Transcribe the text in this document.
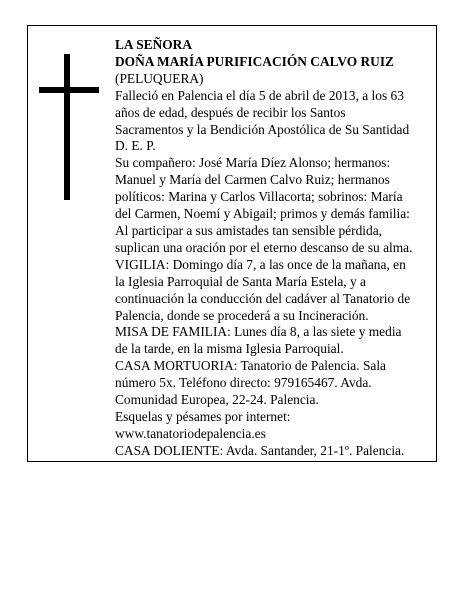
LA SEÑORA
DOÑA MARÍA PURIFICACIÓN CALVO RUIZ
(PELUQUERA)
Falleció en Palencia el día 5 de abril de 2013, a los 63
años de edad, después de recibir los Santos
Sacramentos y la Bendición Apostólica de Su Santidad
D. E. P.
Su compañero: José María Díez Alonso; hermanos:
Manuel y María del Carmen Calvo Ruiz; hermanos
políticos: Marina y Carlos Villacorta; sobrinos: María
del Carmen, Noemí y Abigail; primos y demás familia:
Al participar a sus amistades tan sensible pérdida,
suplican una oración por el eterno descanso de su alma.
VIGILIA: Domingo día 7, a las once de la mañana, en
la Iglesia Parroquial de Santa María Estela, y a
continuación la conducción del cadáver al Tanatorio de
Palencia, donde se procederá a su Incineración.
MISA DE FAMILIA: Lunes día 8, a las siete y media
de la tarde, en la misma Iglesia Parroquial.
CASA MORTUORIA: Tanatorio de Palencia. Sala
número 5x. Teléfono directo: 979165467. Avda.
Comunidad Europea, 22-24. Palencia.
Esquelas y pésames por internet:
www.tanatoriodepalencia.es
CASA DOLIENTE: Avda. Santander, 21-1º. Palencia.
